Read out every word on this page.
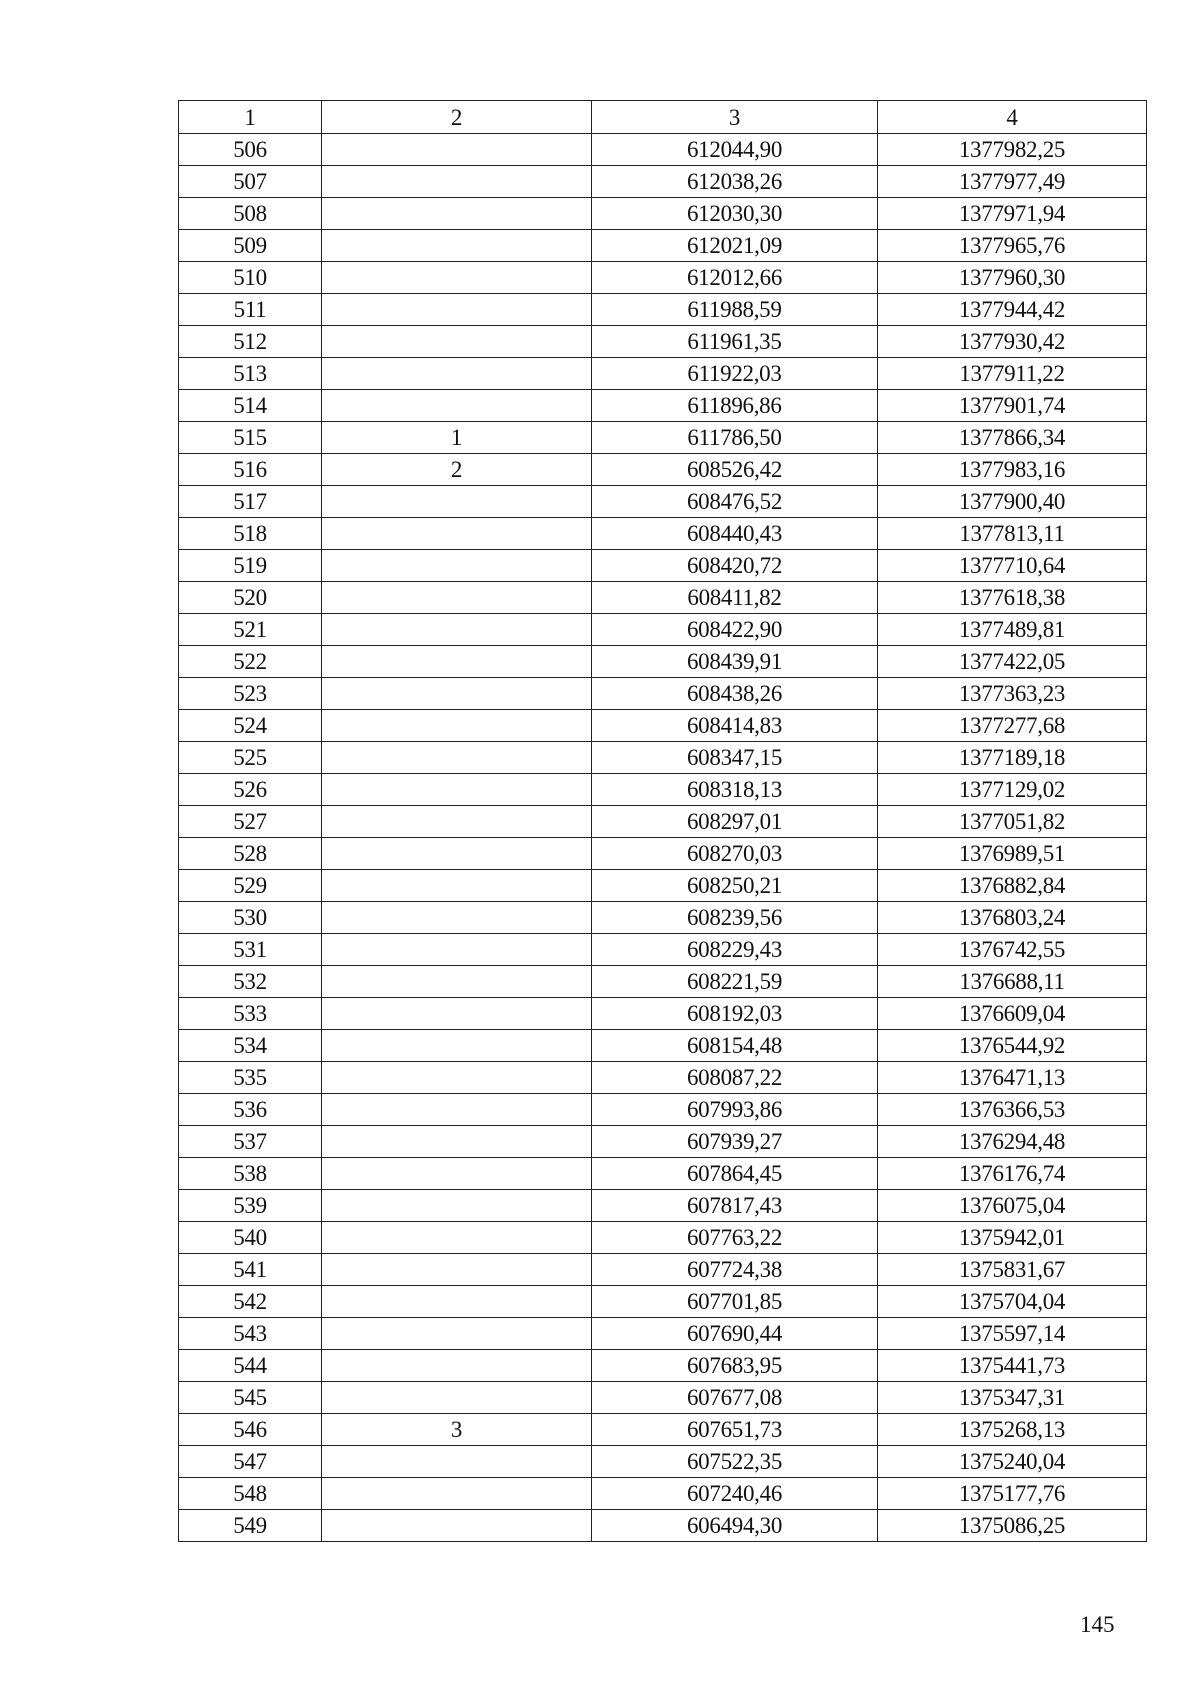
1	2	3	4
506		612044,90	1377982,25
507		612038,26	1377977,49
508		612030,30	1377971,94
509		612021,09	1377965,76
510		612012,66	1377960,30
511		611988,59	1377944,42
512		611961,35	1377930,42
513		611922,03	1377911,22
514		611896,86	1377901,74
515	1	611786,50	1377866,34
516	2	608526,42	1377983,16
517		608476,52	1377900,40
518		608440,43	1377813,11
519		608420,72	1377710,64
520		608411,82	1377618,38
521		608422,90	1377489,81
522		608439,91	1377422,05
523		608438,26	1377363,23
524		608414,83	1377277,68
525		608347,15	1377189,18
526		608318,13	1377129,02
527		608297,01	1377051,82
528		608270,03	1376989,51
529		608250,21	1376882,84
530		608239,56	1376803,24
531		608229,43	1376742,55
532		608221,59	1376688,11
533		608192,03	1376609,04
534		608154,48	1376544,92
535		608087,22	1376471,13
536		607993,86	1376366,53
537		607939,27	1376294,48
538		607864,45	1376176,74
539		607817,43	1376075,04
540		607763,22	1375942,01
541		607724,38	1375831,67
542		607701,85	1375704,04
543		607690,44	1375597,14
544		607683,95	1375441,73
545		607677,08	1375347,31
546	3	607651,73	1375268,13
547		607522,35	1375240,04
548		607240,46	1375177,76
549		606494,30	1375086,25
145
